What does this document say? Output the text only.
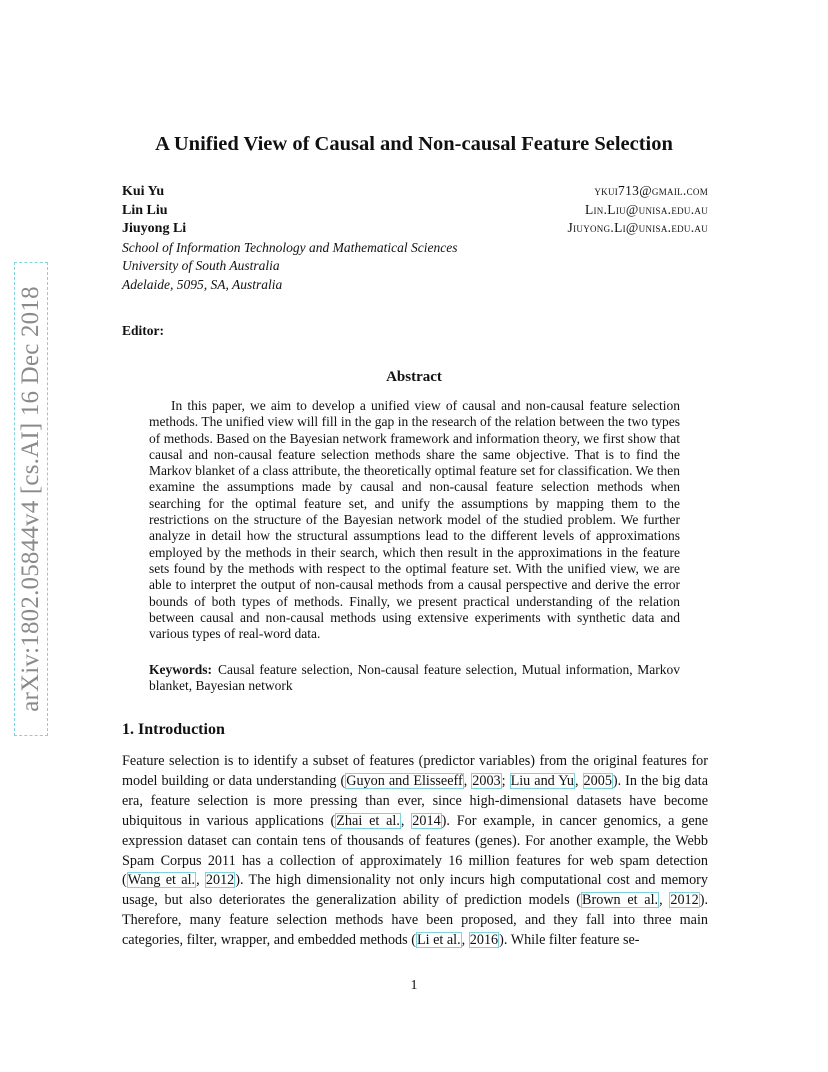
arXiv:1802.05844v4 [cs.AI] 16 Dec 2018
A Unified View of Causal and Non-causal Feature Selection
Kui Yu	ykui713@gmail.com
Lin Liu	Lin.Liu@unisa.edu.au
Jiuyong Li	Jiuyong.Li@unisa.edu.au
School of Information Technology and Mathematical Sciences
University of South Australia
Adelaide, 5095, SA, Australia
Editor:
Abstract

In this paper, we aim to develop a unified view of causal and non-causal feature selection methods. The unified view will fill in the gap in the research of the relation between the two types of methods. Based on the Bayesian network framework and information theory, we first show that causal and non-causal feature selection methods share the same objective. That is to find the Markov blanket of a class attribute, the theoretically optimal feature set for classification. We then examine the assumptions made by causal and non-causal feature selection methods when searching for the optimal feature set, and unify the assumptions by mapping them to the restrictions on the structure of the Bayesian network model of the studied problem. We further analyze in detail how the structural assumptions lead to the different levels of approximations employed by the methods in their search, which then result in the approximations in the feature sets found by the methods with respect to the optimal feature set. With the unified view, we are able to interpret the output of non-causal methods from a causal perspective and derive the error bounds of both types of methods. Finally, we present practical understanding of the relation between causal and non-causal methods using extensive experiments with synthetic data and various types of real-word data.

Keywords: Causal feature selection, Non-causal feature selection, Mutual information, Markov blanket, Bayesian network

1. Introduction

Feature selection is to identify a subset of features (predictor variables) from the original features for model building or data understanding (Guyon and Elisseeff, 2003; Liu and Yu, 2005). In the big data era, feature selection is more pressing than ever, since high-dimensional datasets have become ubiquitous in various applications (Zhai et al., 2014). For example, in cancer genomics, a gene expression dataset can contain tens of thousands of features (genes). For another example, the Webb Spam Corpus 2011 has a collection of approximately 16 million features for web spam detection (Wang et al., 2012). The high dimensionality not only incurs high computational cost and memory usage, but also deteriorates the generalization ability of prediction models (Brown et al., 2012). Therefore, many feature selection methods have been proposed, and they fall into three main categories, filter, wrapper, and embedded methods (Li et al., 2016). While filter feature se-

1
